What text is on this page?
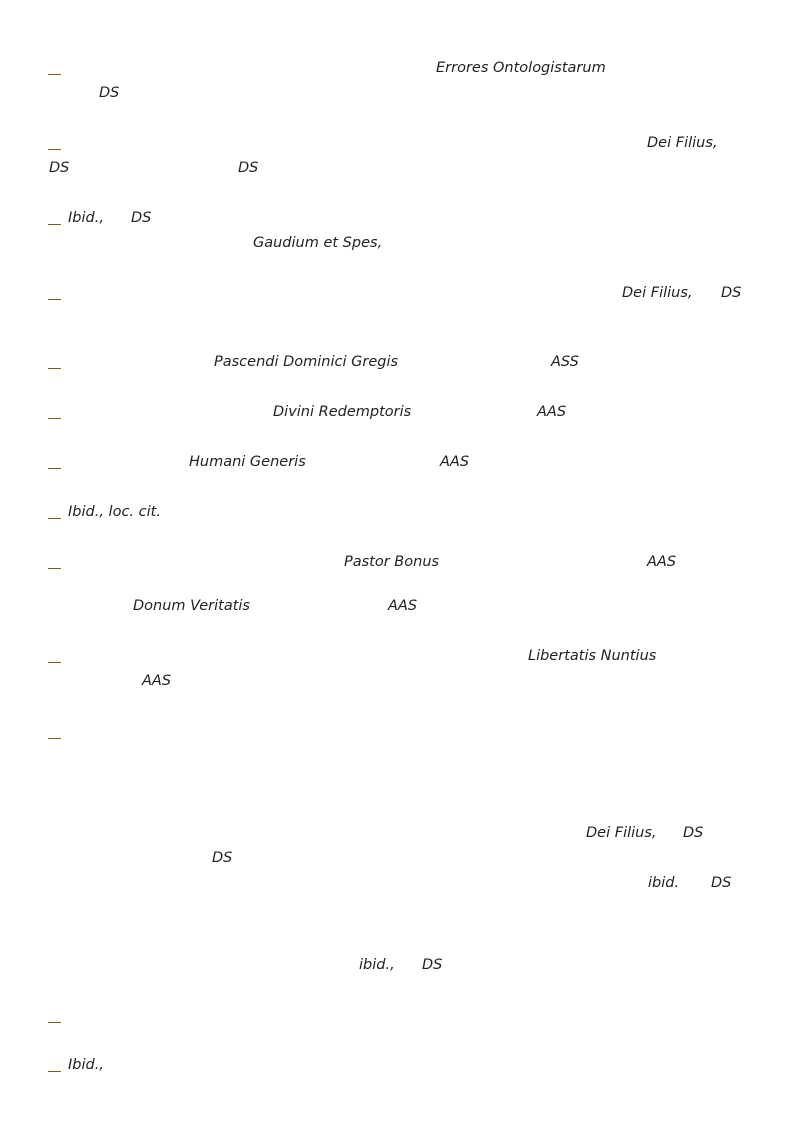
Errores Ontologistarum
DS
Dei Filius,
DS	DS
Ibid., DS
Gaudium et Spes,
Dei Filius, DS
Pascendi Dominici Gregis	ASS
Divini Redemptoris	AAS
Humani Generis	AAS
Ibid., loc. cit.
Pastor Bonus	AAS
Donum Veritatis	AAS
Libertatis Nuntius
AAS
Dei Filius, DS
DS
ibid. DS
ibid., DS
Ibid.,
